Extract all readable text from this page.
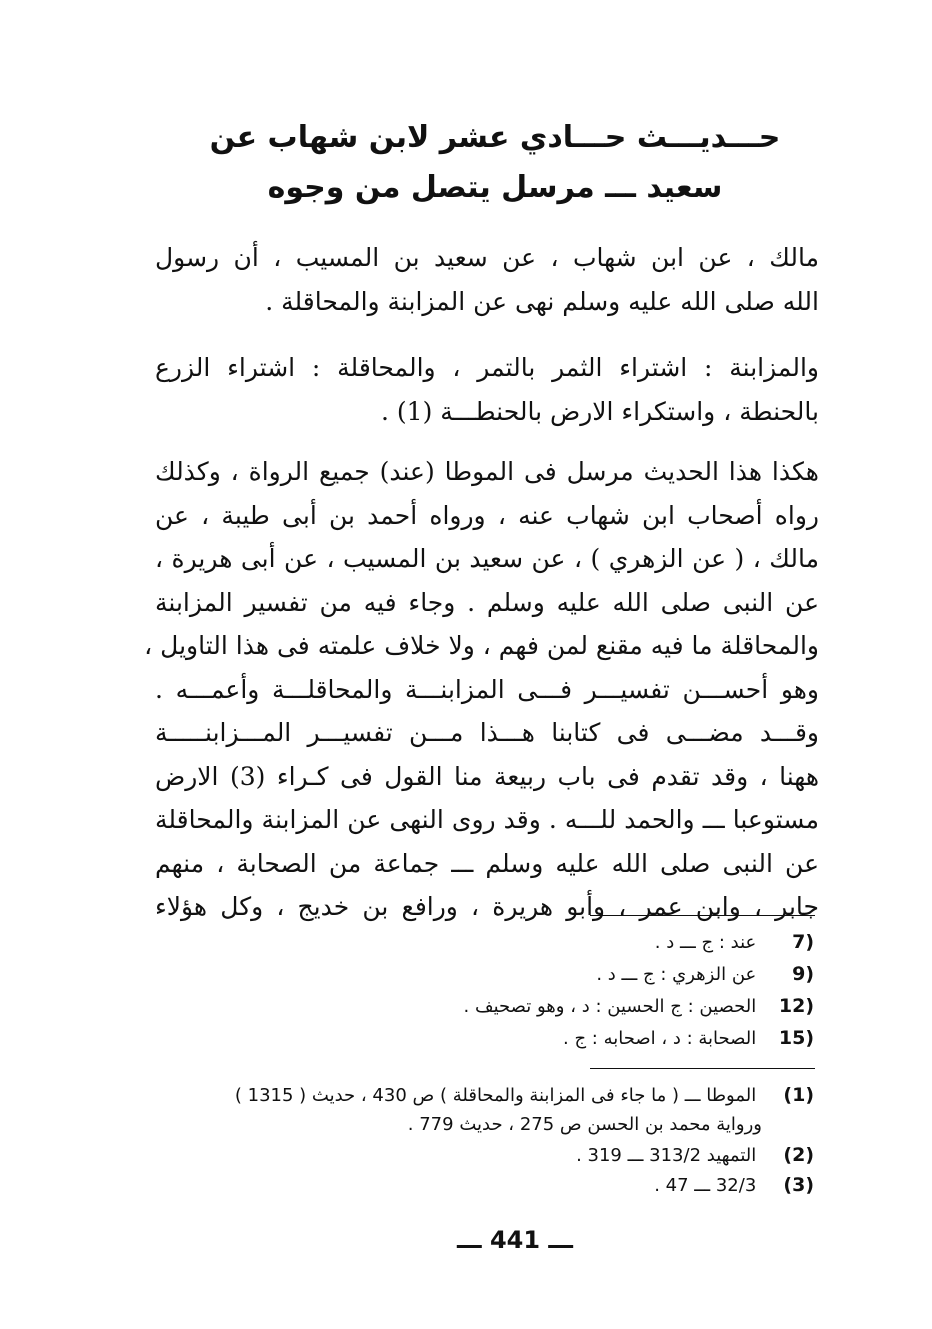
حـــديـــث حـــادي عشر لابن شهاب عن
سعيد ـــ مرسل يتصل من وجوه
مالك ، عن ابن شهاب ، عن سعيد بن المسيب ، أن رسول
الله صلى الله عليه وسلم نهى عن المزابنة والمحاقلة .
والمزابنة : اشتراء الثمر بالتمر ، والمحاقلة : اشتراء الزرع
بالحنطة ، واستكراء الارض بالحنطـــة (1) .
هكذا هذا الحديث مرسل فى الموطا (عند) جميع الرواة ، وكذلك
رواه أصحاب ابن شهاب عنه ، ورواه أحمد بن أبى طيبة ، عن
مالك ، ( عن الزهري ) ، عن سعيد بن المسيب ، عن أبى هريرة ،
عن النبى صلى الله عليه وسلم . وجاء فيه من تفسير المزابنة
والمحاقلة ما فيه مقنع لمن فهم ، ولا خلاف علمته فى هذا التاويل ،
وهو أحســـن تفسيـــر فـــى المزابنـــة والمحاقلـــة وأعمـــه .
وقـــد مضـــى فى كتابنا هـــذا مـــن تفسيـــر المـــزابنـــــة
ههنا ، وقد تقدم فى باب ربيعة منا القول فى كـراء (3) الارض
مستوعبا ـــ والحمد للـــه . وقد روى النهى عن المزابنة والمحاقلة
عن النبى صلى الله عليه وسلم ـــ جماعة من الصحابة ، منهم
جابر ، وابن عمر ، وأبو هريرة ، ورافع بن خديج ، وكل هؤلاء
(7 عند : ج ـــ د .
(9 عن الزهري : ج ـــ د .
(12 الحصين : ج الحسين : د ، وهو تصحيف .
(15 الصحابة : د ، اصحابه : ج .
(1) الموطا ـــ ( ما جاء فى المزابنة والمحاقلة ) ص 430 ، حديث ( 1315 )
ورواية محمد بن الحسن ص 275 ، حديث 779 .
(2) التمهيد 313/2 ـــ 319 .
(3) 32/3 ـــ 47 .
ـــ 441 ـــ
